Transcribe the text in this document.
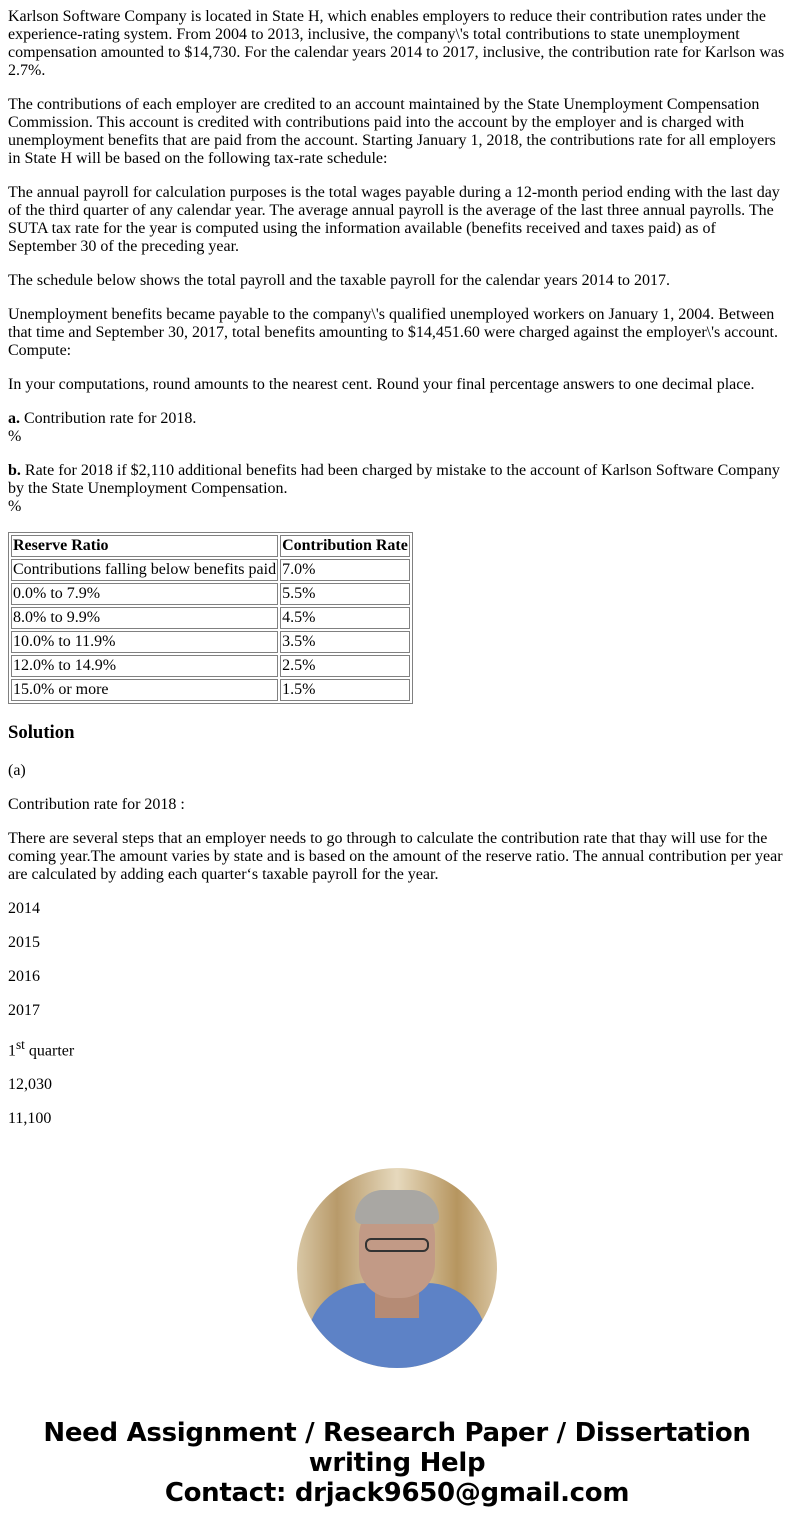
Karlson Software Company is located in State H, which enables employers to reduce their contribution rates under the experience-rating system. From 2004 to 2013, inclusive, the company\'s total contributions to state unemployment compensation amounted to $14,730. For the calendar years 2014 to 2017, inclusive, the contribution rate for Karlson was 2.7%.

The contributions of each employer are credited to an account maintained by the State Unemployment Compensation Commission. This account is credited with contributions paid into the account by the employer and is charged with unemployment benefits that are paid from the account. Starting January 1, 2018, the contributions rate for all employers in State H will be based on the following tax-rate schedule:

The annual payroll for calculation purposes is the total wages payable during a 12-month period ending with the last day of the third quarter of any calendar year. The average annual payroll is the average of the last three annual payrolls. The SUTA tax rate for the year is computed using the information available (benefits received and taxes paid) as of September 30 of the preceding year.

The schedule below shows the total payroll and the taxable payroll for the calendar years 2014 to 2017.

Unemployment benefits became payable to the company\'s qualified unemployed workers on January 1, 2004. Between that time and September 30, 2017, total benefits amounting to $14,451.60 were charged against the employer\'s account. Compute:

In your computations, round amounts to the nearest cent. Round your final percentage answers to one decimal place.

a. Contribution rate for 2018.
%

b. Rate for 2018 if $2,110 additional benefits had been charged by mistake to the account of Karlson Software Company by the State Unemployment Compensation.
%

Reserve Ratio	Contribution Rate
Contributions falling below benefits paid	7.0%
0.0% to 7.9%	5.5%
8.0% to 9.9%	4.5%
10.0% to 11.9%	3.5%
12.0% to 14.9%	2.5%
15.0% or more	1.5%
Solution

(a)

Contribution rate for 2018 :

There are several steps that an employer needs to go through to calculate the contribution rate that thay will use for the coming year.The amount varies by state and is based on the amount of the reserve ratio. The annual contribution per year are calculated by adding each quarter‘s taxable payroll for the year.

2014

2015

2016

2017

1st quarter

12,030

11,100

Need Assignment / Research Paper / Dissertation writing Help
Contact: drjack9650@gmail.com
